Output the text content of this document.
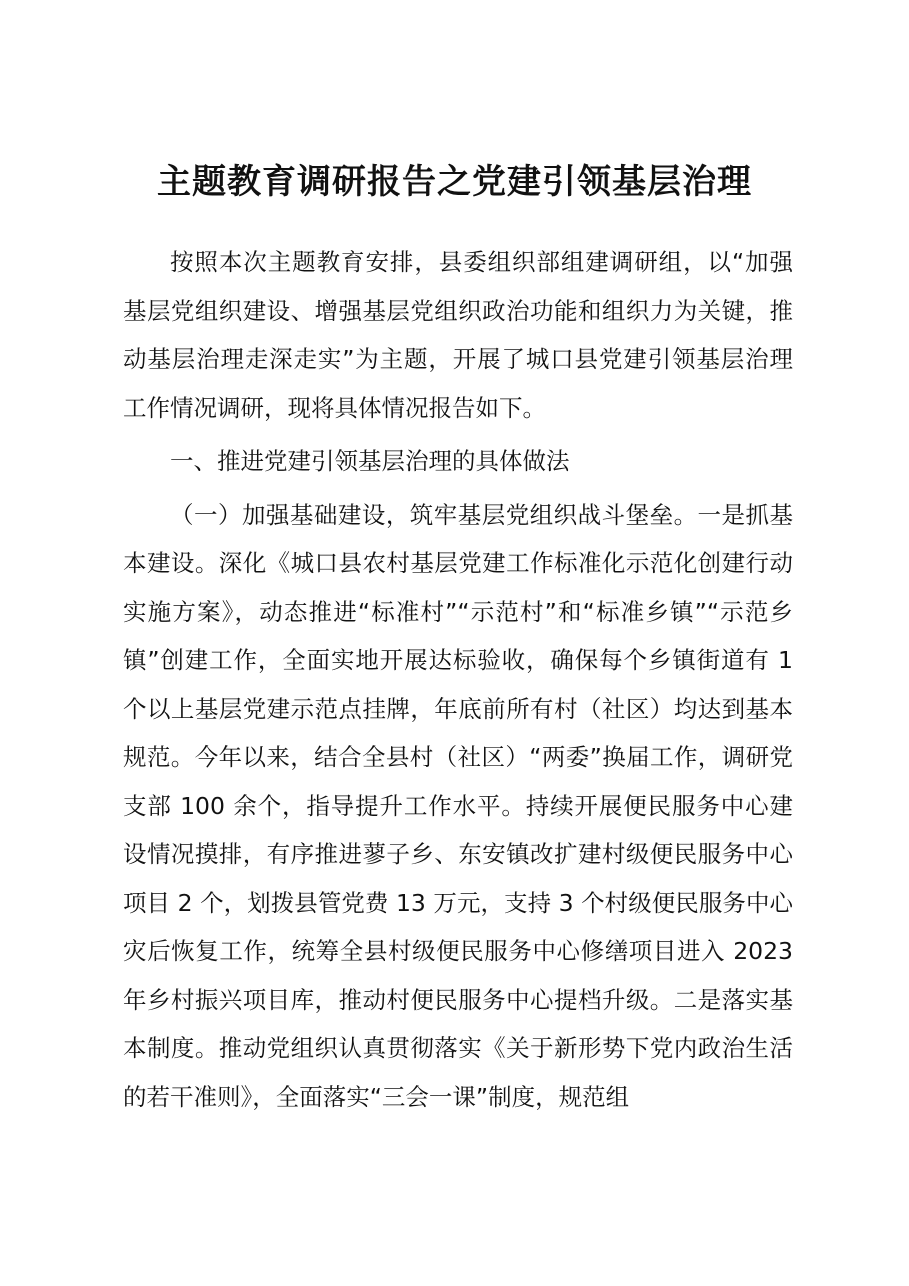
主题教育调研报告之党建引领基层治理

按照本次主题教育安排，县委组织部组建调研组，以“加强基层党组织建设、增强基层党组织政治功能和组织力为关键，推动基层治理走深走实”为主题，开展了城口县党建引领基层治理工作情况调研，现将具体情况报告如下。

一、推进党建引领基层治理的具体做法

（一）加强基础建设，筑牢基层党组织战斗堡垒。一是抓基本建设。深化《城口县农村基层党建工作标准化示范化创建行动实施方案》，动态推进“标准村”“示范村”和“标准乡镇”“示范乡镇”创建工作，全面实地开展达标验收，确保每个乡镇街道有 1 个以上基层党建示范点挂牌，年底前所有村（社区）均达到基本规范。今年以来，结合全县村（社区）“两委”换届工作，调研党支部 100 余个，指导提升工作水平。持续开展便民服务中心建设情况摸排，有序推进蓼子乡、东安镇改扩建村级便民服务中心项目 2 个，划拨县管党费 13 万元，支持 3 个村级便民服务中心灾后恢复工作，统筹全县村级便民服务中心修缮项目进入 2023 年乡村振兴项目库，推动村便民服务中心提档升级。二是落实基本制度。推动党组织认真贯彻落实《关于新形势下党内政治生活的若干准则》，全面落实“三会一课”制度，规范组
